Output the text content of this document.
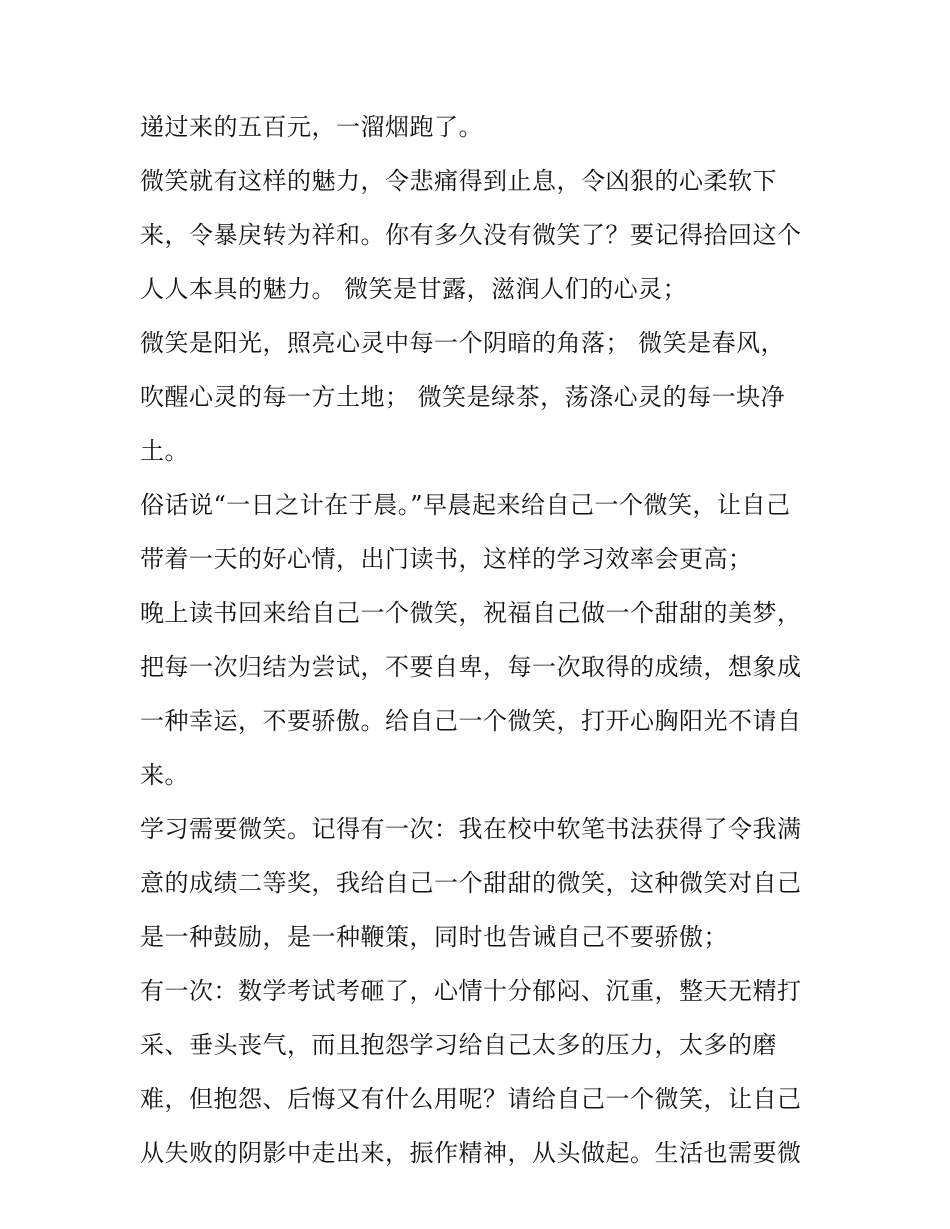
递过来的五百元，一溜烟跑了。
微笑就有这样的魅力，令悲痛得到止息，令凶狠的心柔软下
来，令暴戾转为祥和。你有多久没有微笑了？要记得拾回这个
人人本具的魅力。 微笑是甘露，滋润人们的心灵；
微笑是阳光，照亮心灵中每一个阴暗的角落； 微笑是春风，
吹醒心灵的每一方土地； 微笑是绿茶，荡涤心灵的每一块净
土。
俗话说“一日之计在于晨。”早晨起来给自己一个微笑，让自己
带着一天的好心情，出门读书，这样的学习效率会更高；
晚上读书回来给自己一个微笑，祝福自己做一个甜甜的美梦，
把每一次归结为尝试，不要自卑，每一次取得的成绩，想象成
一种幸运，不要骄傲。给自己一个微笑，打开心胸阳光不请自
来。
学习需要微笑。记得有一次：我在校中软笔书法获得了令我满
意的成绩二等奖，我给自己一个甜甜的微笑，这种微笑对自己
是一种鼓励，是一种鞭策，同时也告诫自己不要骄傲；
有一次：数学考试考砸了，心情十分郁闷、沉重，整天无精打
采、垂头丧气，而且抱怨学习给自己太多的压力，太多的磨
难，但抱怨、后悔又有什么用呢？请给自己一个微笑，让自己
从失败的阴影中走出来，振作精神，从头做起。生活也需要微
